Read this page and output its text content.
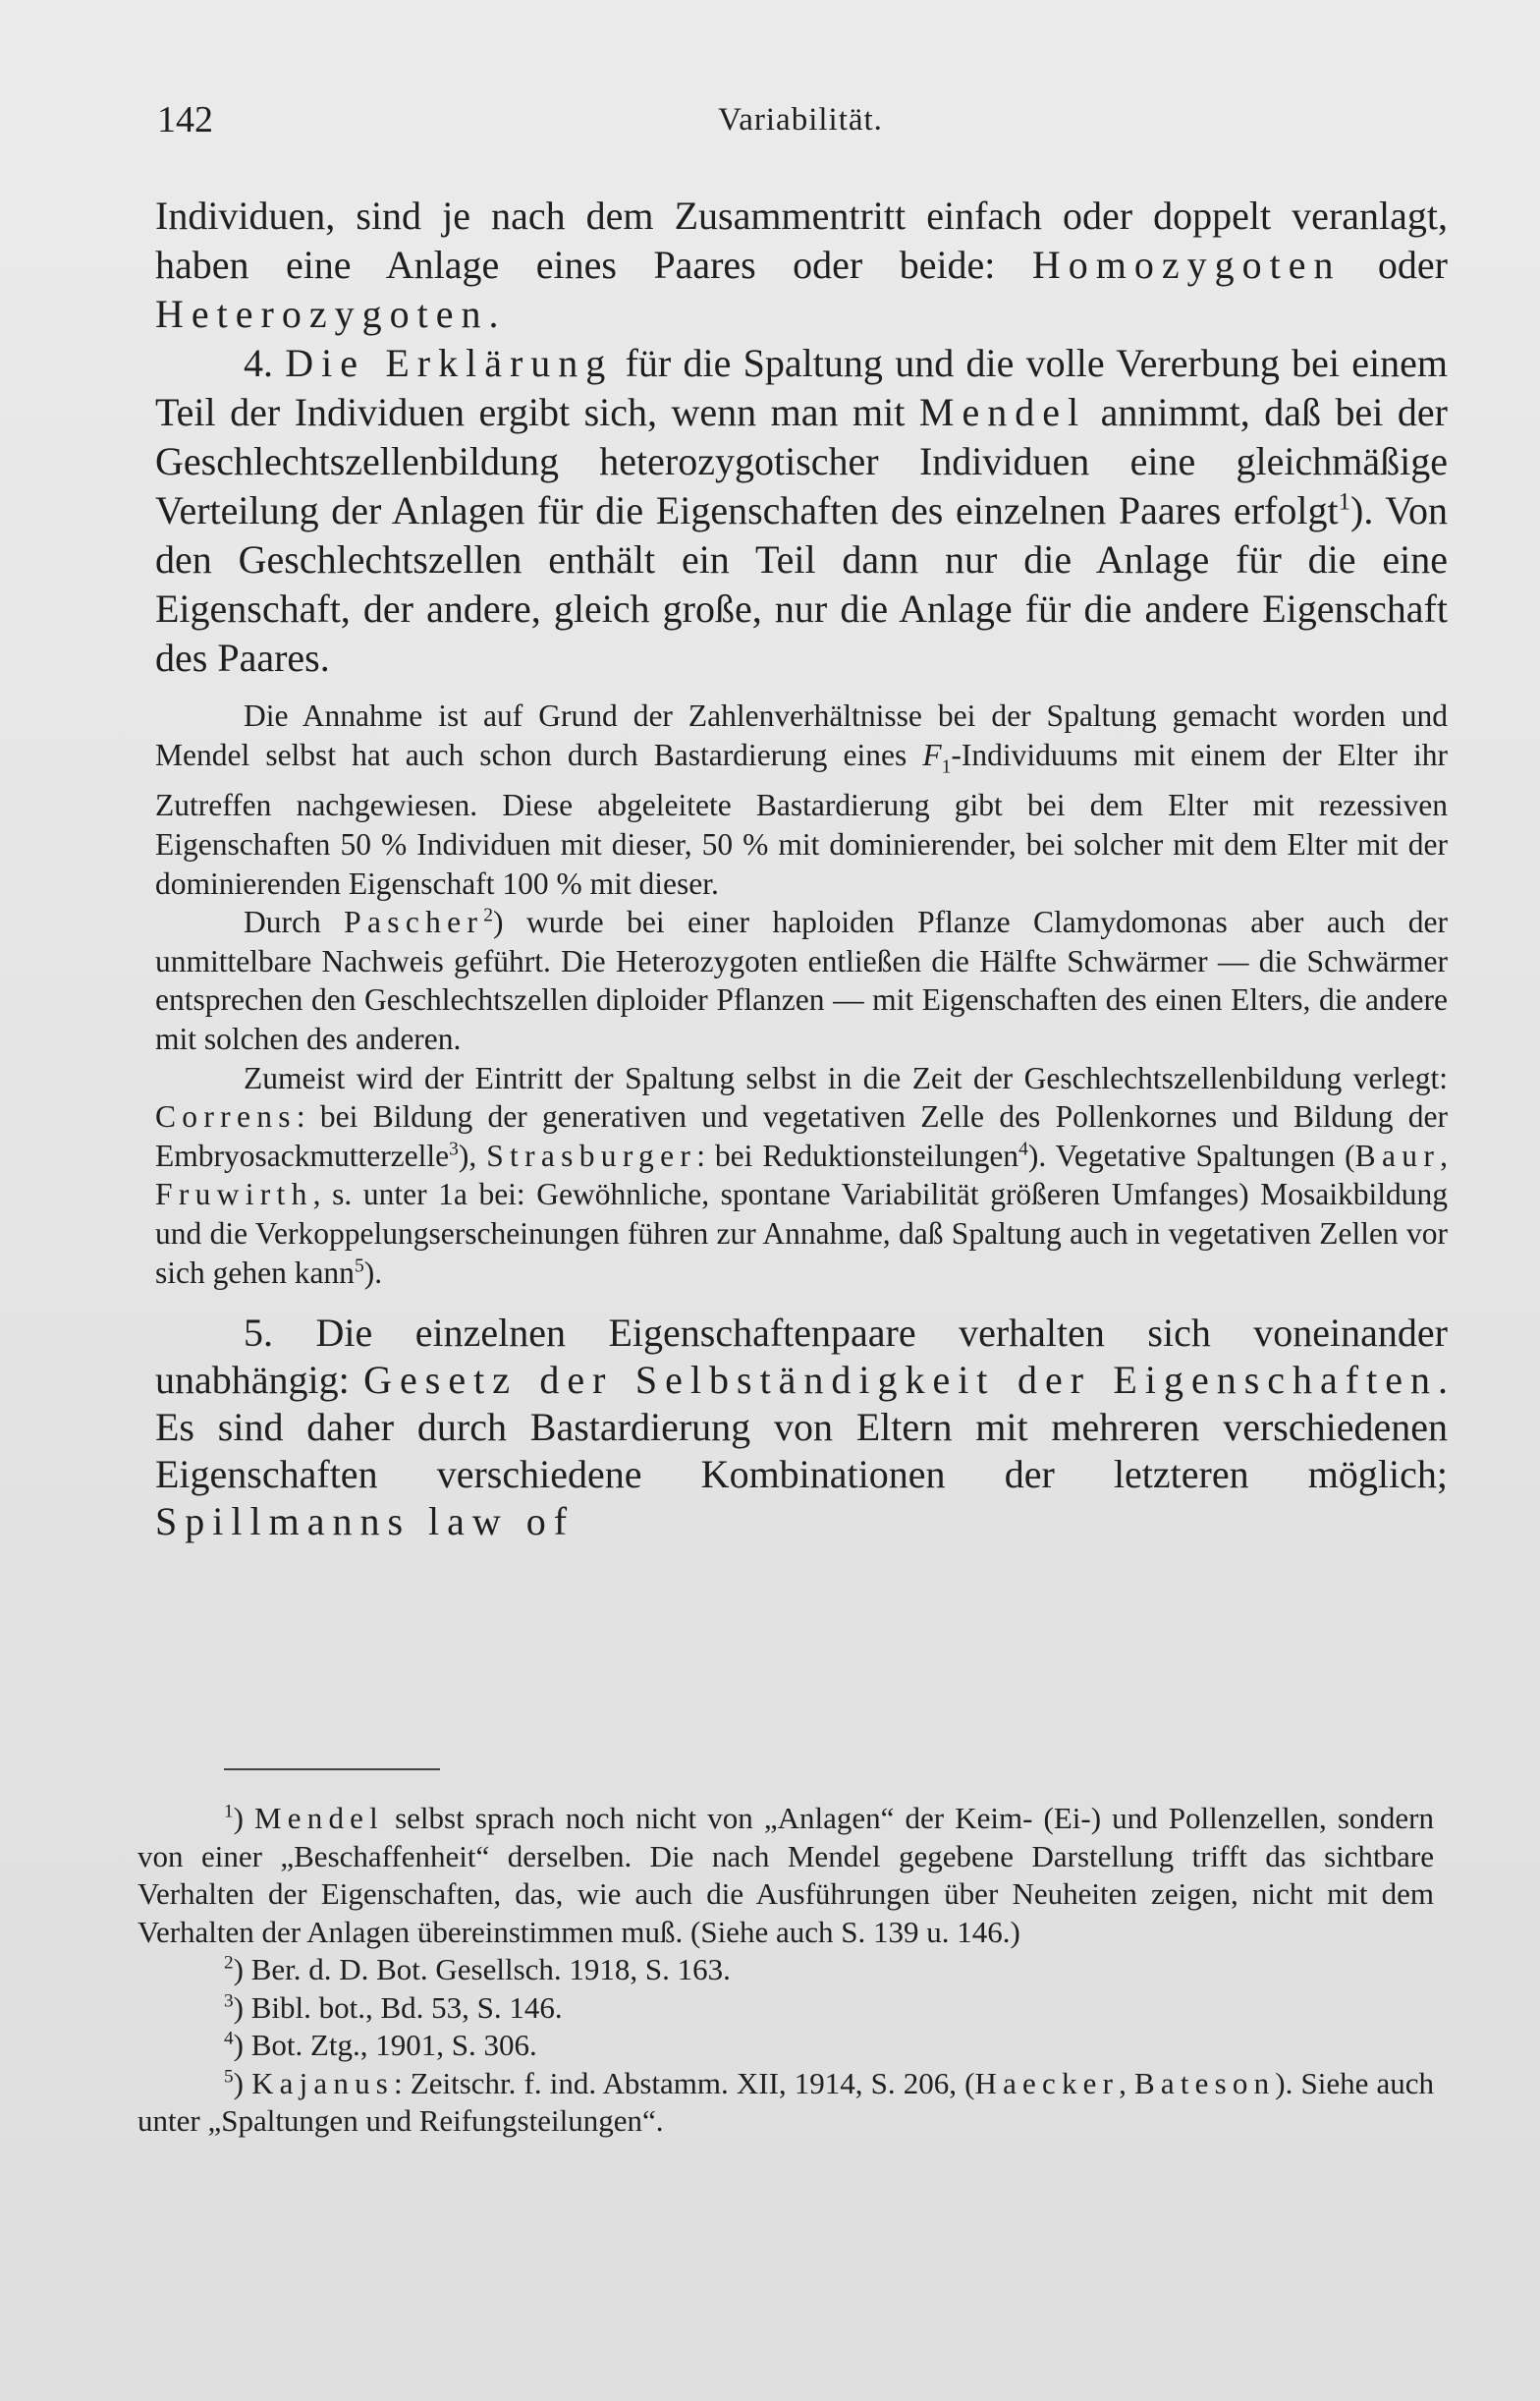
142	Variabilität.

Individuen, sind je nach dem Zusammentritt einfach oder doppelt veranlagt, haben eine Anlage eines Paares oder beide: Homozygoten oder Heterozygoten.

4. Die Erklärung für die Spaltung und die volle Vererbung bei einem Teil der Individuen ergibt sich, wenn man mit Mendel annimmt, daß bei der Geschlechtszellenbildung heterozygotischer Individuen eine gleichmäßige Verteilung der Anlagen für die Eigenschaften des einzelnen Paares erfolgt$^1$). Von den Geschlechtszellen enthält ein Teil dann nur die Anlage für die eine Eigenschaft, der andere, gleich große, nur die Anlage für die andere Eigenschaft des Paares.

Die Annahme ist auf Grund der Zahlenverhältnisse bei der Spaltung gemacht worden und Mendel selbst hat auch schon durch Bastardierung eines $F_1$-Individuums mit einem der Elter ihr Zutreffen nachgewiesen. Diese abgeleitete Bastardierung gibt bei dem Elter mit rezessiven Eigenschaften 50 % Individuen mit dieser, 50 % mit dominierender, bei solcher mit dem Elter mit der dominierenden Eigenschaft 100 % mit dieser.

Durch Pascher$^2$) wurde bei einer haploiden Pflanze Clamydomonas aber auch der unmittelbare Nachweis geführt. Die Heterozygoten entließen die Hälfte Schwärmer — die Schwärmer entsprechen den Geschlechtszellen diploider Pflanzen — mit Eigenschaften des einen Elters, die andere mit solchen des anderen.

Zumeist wird der Eintritt der Spaltung selbst in die Zeit der Geschlechtszellenbildung verlegt: Correns: bei Bildung der generativen und vegetativen Zelle des Pollenkornes und Bildung der Embryosackmutterzelle$^3$), Strasburger: bei Reduktionsteilungen$^4$). Vegetative Spaltungen (Baur, Fruwirth, s. unter 1a bei: Gewöhnliche, spontane Variabilität größeren Umfanges) Mosaikbildung und die Verkoppelungserscheinungen führen zur Annahme, daß Spaltung auch in vegetativen Zellen vor sich gehen kann$^5$).

5. Die einzelnen Eigenschaftenpaare verhalten sich voneinander unabhängig: Gesetz der Selbständigkeit der Eigenschaften. Es sind daher durch Bastardierung von Eltern mit mehreren verschiedenen Eigenschaften verschiedene Kombinationen der letzteren möglich; Spillmanns law of

$^1$) Mendel selbst sprach noch nicht von „Anlagen“ der Keim- (Ei-) und Pollenzellen, sondern von einer „Beschaffenheit“ derselben. Die nach Mendel gegebene Darstellung trifft das sichtbare Verhalten der Eigenschaften, das, wie auch die Ausführungen über Neuheiten zeigen, nicht mit dem Verhalten der Anlagen übereinstimmen muß. (Siehe auch S. 139 u. 146.)

$^2$) Ber. d. D. Bot. Gesellsch. 1918, S. 163.

$^3$) Bibl. bot., Bd. 53, S. 146.

$^4$) Bot. Ztg., 1901, S. 306.

$^5$) Kajanus: Zeitschr. f. ind. Abstamm. XII, 1914, S. 206, (Haecker, Bateson). Siehe auch unter „Spaltungen und Reifungsteilungen“.
